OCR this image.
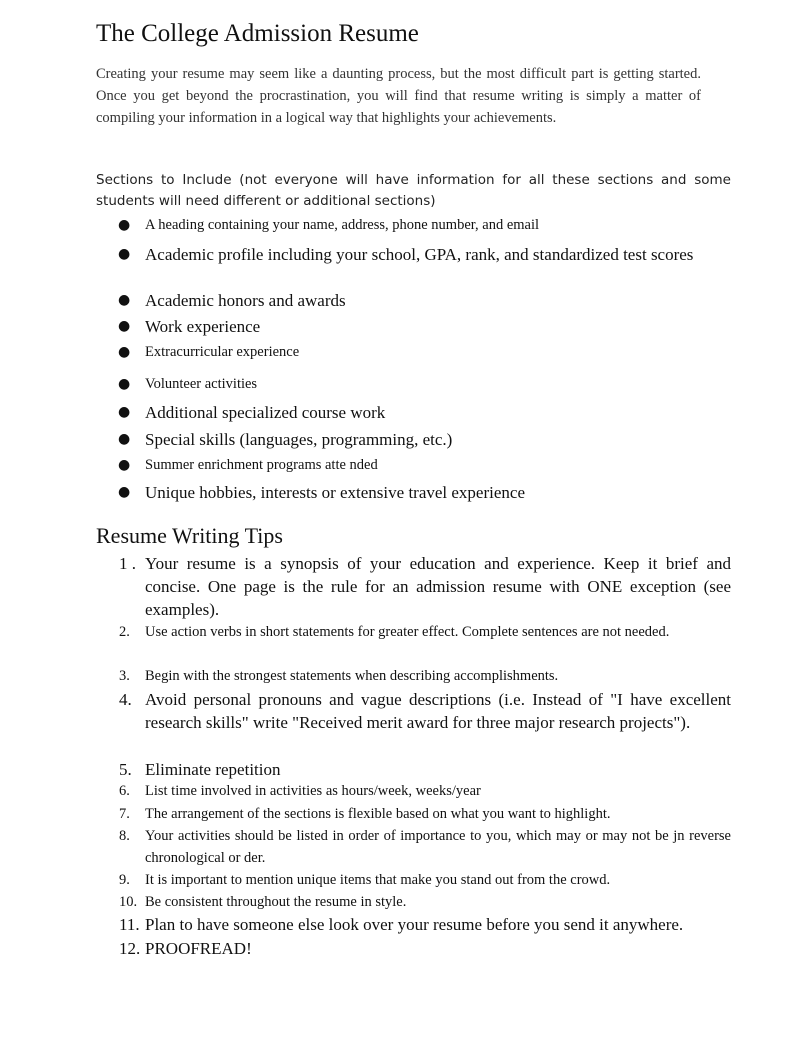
The College Admission Resume

Creating your resume may seem like a daunting process, but the most difficult part is getting started. Once you get beyond the procrastination, you will find that resume writing is simply a matter of compiling your information in a logical way that highlights your achievements.

Sections to Include (not everyone will have information for all these sections and some students will need different or additional sections)

● A heading containing your name, address, phone number, and email
● Academic profile including your school, GPA, rank, and standardized test scores
● Academic honors and awards
● Work experience
● Extracurricular experience
● Volunteer activities
● Additional specialized course work
● Special skills (languages, programming, etc.)
● Summer enrichment programs atte nded
● Unique hobbies, interests or extensive travel experience
Resume Writing Tips
1 . Your resume is a synopsis of your education and experience. Keep it brief and concise. One page is the rule for an admission resume with ONE exception (see examples).
2. Use action verbs in short statements for greater effect. Complete sentences are not needed.
3. Begin with the strongest statements when describing accomplishments.
4. Avoid personal pronouns and vague descriptions (i.e. Instead of "I have excellent research skills" write "Received merit award for three major research projects").
5. Eliminate repetition
6. List time involved in activities as hours/week, weeks/year
7. The arrangement of the sections is flexible based on what you want to highlight.
8. Your activities should be listed in order of importance to you, which may or may not be jn reverse chronological or der.
9. It is important to mention unique items that make you stand out from the crowd.
10. Be consistent throughout the resume in style.
11. Plan to have someone else look over your resume before you send it anywhere.
12. PROOFREAD!
